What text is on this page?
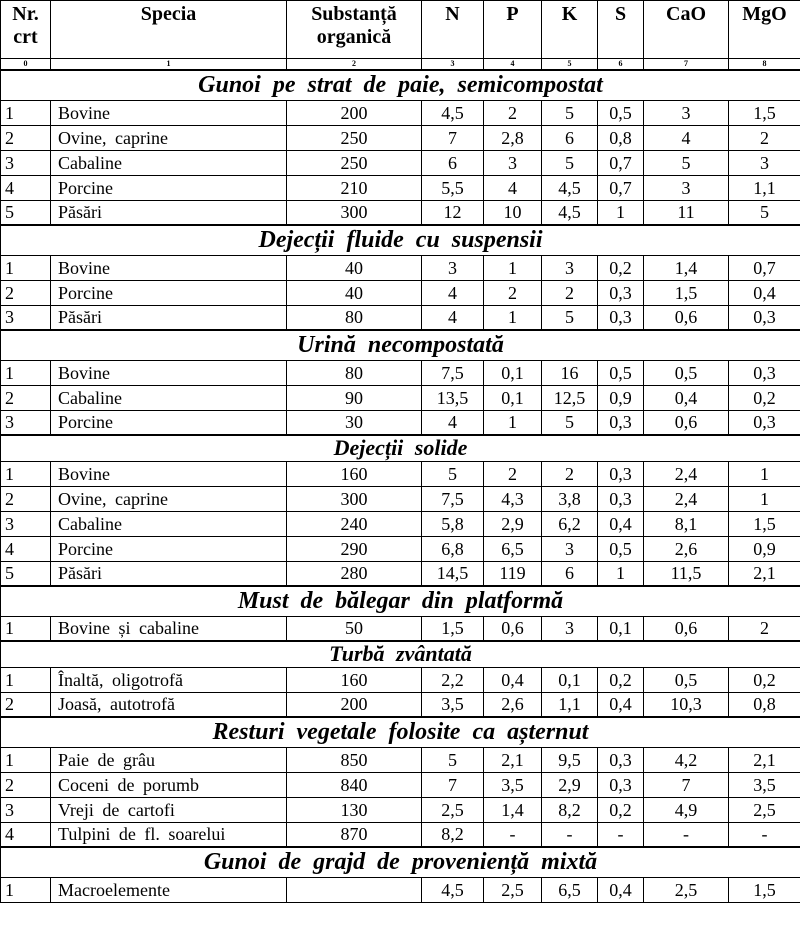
Nr. crt	Specia	Substanță organică	N	P	K	S	CaO	MgO
0	1	2	3	4	5	6	7	8
Gunoi pe strat de paie, semicompostat								
1	Bovine	200	4,5	2	5	0,5	3	1,5
2	Ovine, caprine	250	7	2,8	6	0,8	4	2
3	Cabaline	250	6	3	5	0,7	5	3
4	Porcine	210	5,5	4	4,5	0,7	3	1,1
5	Păsări	300	12	10	4,5	1	11	5
Dejecții fluide cu suspensii								
1	Bovine	40	3	1	3	0,2	1,4	0,7
2	Porcine	40	4	2	2	0,3	1,5	0,4
3	Păsări	80	4	1	5	0,3	0,6	0,3
Urină necompostată								
1	Bovine	80	7,5	0,1	16	0,5	0,5	0,3
2	Cabaline	90	13,5	0,1	12,5	0,9	0,4	0,2
3	Porcine	30	4	1	5	0,3	0,6	0,3
Dejecții solide								
1	Bovine	160	5	2	2	0,3	2,4	1
2	Ovine, caprine	300	7,5	4,3	3,8	0,3	2,4	1
3	Cabaline	240	5,8	2,9	6,2	0,4	8,1	1,5
4	Porcine	290	6,8	6,5	3	0,5	2,6	0,9
5	Păsări	280	14,5	119	6	1	11,5	2,1
Must de bălegar din platformă								
1	Bovine și cabaline	50	1,5	0,6	3	0,1	0,6	2
Turbă zvântată								
1	Înaltă, oligotrofă	160	2,2	0,4	0,1	0,2	0,5	0,2
2	Joasă, autotrofă	200	3,5	2,6	1,1	0,4	10,3	0,8
Resturi vegetale folosite ca așternut								
1	Paie de grâu	850	5	2,1	9,5	0,3	4,2	2,1
2	Coceni de porumb	840	7	3,5	2,9	0,3	7	3,5
3	Vreji de cartofi	130	2,5	1,4	8,2	0,2	4,9	2,5
4	Tulpini de fl. soarelui	870	8,2	-	-	-	-	-
Gunoi de grajd de proveniență mixtă								
1	Macroelemente		4,5	2,5	6,5	0,4	2,5	1,5
